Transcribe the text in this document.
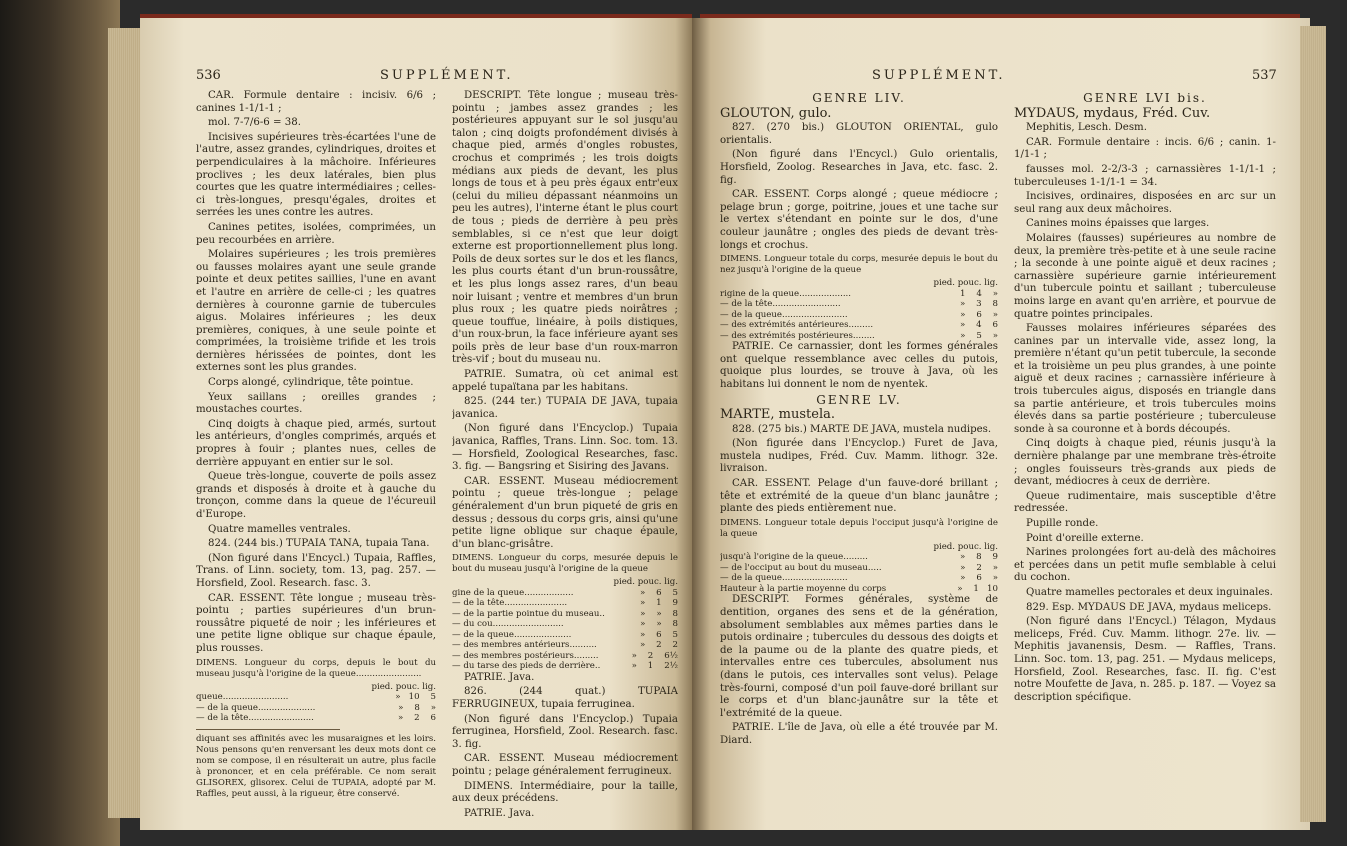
536	SUPPLÉMENT.

CAR. Formule dentaire : incisiv. 6/6 ; canines 1-1/1-1 ;

mol. 7-7/6-6 = 38.

Incisives supérieures très-écartées l'une de l'autre, assez grandes, cylindriques, droites et perpendiculaires à la mâchoire. Inférieures proclives ; les deux latérales, bien plus courtes que les quatre intermédiaires ; celles-ci très-longues, presqu'égales, droites et serrées les unes contre les autres.

Canines petites, isolées, comprimées, un peu recourbées en arrière.

Molaires supérieures ; les trois premières ou fausses molaires ayant une seule grande pointe et deux petites saillies, l'une en avant et l'autre en arrière de celle-ci ; les quatres dernières à couronne garnie de tubercules aigus. Molaires inférieures ; les deux premières, coniques, à une seule pointe et comprimées, la troisième trifide et les trois dernières hérissées de pointes, dont les externes sont les plus grandes.

Corps alongé, cylindrique, tête pointue.

Yeux saillans ; oreilles grandes ; moustaches courtes.

Cinq doigts à chaque pied, armés, surtout les antérieurs, d'ongles comprimés, arqués et propres à fouir ; plantes nues, celles de derrière appuyant en entier sur le sol.

Queue très-longue, couverte de poils assez grands et disposés à droite et à gauche du tronçon, comme dans la queue de l'écureuil d'Europe.

Quatre mamelles ventrales.

824. (244 bis.) TUPAIA TANA, tupaia Tana.

(Non figuré dans l'Encycl.) Tupaia, Raffles, Trans. of Linn. society, tom. 13, pag. 257. — Horsfield, Zool. Research. fasc. 3.

CAR. ESSENT. Tête longue ; museau très-pointu ; parties supérieures d'un brun-roussâtre piqueté de noir ; les inférieures et une petite ligne oblique sur chaque épaule, plus rousses.

DIMENS. Longueur du corps, depuis le bout du museau jusqu'à l'origine de la queue........................

pied. pouc. lig.
queue........................	»   10    5
— de la queue.....................	»    8    »
— de la tête........................	»    2    6

diquant ses affinités avec les musaraignes et les loirs. Nous pensons qu'en renversant les deux mots dont ce nom se compose, il en résulterait un autre, plus facile à prononcer, et en cela préférable. Ce nom serait GLISOREX, glisorex. Celui de TUPAIA, adopté par M. Raffles, peut aussi, à la rigueur, être conservé.

DESCRIPT. Tête longue ; museau très-pointu ; jambes assez grandes ; les postérieures appuyant sur le sol jusqu'au talon ; cinq doigts profondément divisés à chaque pied, armés d'ongles robustes, crochus et comprimés ; les trois doigts médians aux pieds de devant, les plus longs de tous et à peu près égaux entr'eux (celui du milieu dépassant néanmoins un peu les autres), l'interne étant le plus court de tous ; pieds de derrière à peu près semblables, si ce n'est que leur doigt externe est proportionnellement plus long. Poils de deux sortes sur le dos et les flancs, les plus courts étant d'un brun-roussâtre, et les plus longs assez rares, d'un beau noir luisant ; ventre et membres d'un brun plus roux ; les quatre pieds noirâtres ; queue touffue, linéaire, à poils distiques, d'un roux-brun, la face inférieure ayant ses poils près de leur base d'un roux-marron très-vif ; bout du museau nu.

PATRIE. Sumatra, où cet animal est appelé tupaïtana par les habitans.

825. (244 ter.) TUPAIA DE JAVA, tupaia javanica.

(Non figuré dans l'Encyclop.) Tupaia javanica, Raffles, Trans. Linn. Soc. tom. 13. — Horsfield, Zoological Researches, fasc. 3. fig. — Bangsring et Sisiring des Javans.

CAR. ESSENT. Museau médiocrement pointu ; queue très-longue ; pelage généralement d'un brun piqueté de gris en dessus ; dessous du corps gris, ainsi qu'une petite ligne oblique sur chaque épaule, d'un blanc-grisâtre.

DIMENS. Longueur du corps, mesurée depuis le bout du museau jusqu'à l'origine de la queue

pied. pouc. lig.
gine de la queue..................	»    6    5
— de la tête.......................	»    1    9
— de la partie pointue du museau..	»    »    8
— du cou..........................	»    »    8
— de la queue.....................	»    6    5
— des membres antérieurs..........	»    2    2
— des membres postérieurs.........	»    2    6½
— du tarse des pieds de derrière..	»    1    2½

PATRIE. Java.

826. (244 quat.) TUPAIA FERRUGINEUX, tupaia ferruginea.

(Non figuré dans l'Encyclop.) Tupaia ferruginea, Horsfield, Zool. Research. fasc. 3. fig.

CAR. ESSENT. Museau médiocrement pointu ; pelage généralement ferrugineux.

DIMENS. Intermédiaire, pour la taille, aux deux précédens.

PATRIE. Java.

SUPPLÉMENT.	537

GENRE LIV.

GLOUTON, gulo.

827. (270 bis.) GLOUTON ORIENTAL, gulo orientalis.

(Non figuré dans l'Encycl.) Gulo orientalis, Horsfield, Zoolog. Researches in Java, etc. fasc. 2. fig.

CAR. ESSENT. Corps alongé ; queue médiocre ; pelage brun ; gorge, poitrine, joues et une tache sur le vertex s'étendant en pointe sur le dos, d'une couleur jaunâtre ; ongles des pieds de devant très-longs et crochus.

DIMENS. Longueur totale du corps, mesurée depuis le bout du nez jusqu'à l'origine de la queue

pied. pouc. lig.
rigine de la queue...................	1    4    »
— de la tête.........................	»    3    8
— de la queue........................	»    6    »
— des extrémités antérieures.........	»    4    6
— des extrémités postérieures........	»    5    »

PATRIE. Ce carnassier, dont les formes générales ont quelque ressemblance avec celles du putois, quoique plus lourdes, se trouve à Java, où les habitans lui donnent le nom de nyentek.

GENRE LV.

MARTE, mustela.

828. (275 bis.) MARTE DE JAVA, mustela nudipes.

(Non figurée dans l'Encyclop.) Furet de Java, mustela nudipes, Fréd. Cuv. Mamm. lithogr. 32e. livraison.

CAR. ESSENT. Pelage d'un fauve-doré brillant ; tête et extrémité de la queue d'un blanc jaunâtre ; plante des pieds entièrement nue.

DIMENS. Longueur totale depuis l'occiput jusqu'à l'origine de la queue

pied. pouc. lig.
jusqu'à l'origine de la queue.........	»    8    9
— de l'occiput au bout du museau.....	»    2    »
— de la queue........................	»    6    »
Hauteur à la partie moyenne du corps	»    1   10

DESCRIPT. Formes générales, système de dentition, organes des sens et de la génération, absolument semblables aux mêmes parties dans le putois ordinaire ; tubercules du dessous des doigts et de la paume ou de la plante des quatre pieds, et intervalles entre ces tubercules, absolument nus (dans le putois, ces intervalles sont velus). Pelage très-fourni, composé d'un poil fauve-doré brillant sur le corps et d'un blanc-jaunâtre sur la tête et l'extrémité de la queue.

PATRIE. L'île de Java, où elle a été trouvée par M. Diard.

GENRE LVI bis.

MYDAUS, mydaus, Fréd. Cuv.

Mephitis, Lesch. Desm.

CAR. Formule dentaire : incis. 6/6 ; canin. 1-1/1-1 ;

fausses mol. 2-2/3-3 ; carnassières 1-1/1-1 ; tuberculeuses 1-1/1-1 = 34.

Incisives, ordinaires, disposées en arc sur un seul rang aux deux mâchoires.

Canines moins épaisses que larges.

Molaires (fausses) supérieures au nombre de deux, la première très-petite et à une seule racine ; la seconde à une pointe aiguë et deux racines ; carnassière supérieure garnie intérieurement d'un tubercule pointu et saillant ; tuberculeuse moins large en avant qu'en arrière, et pourvue de quatre pointes principales.

Fausses molaires inférieures séparées des canines par un intervalle vide, assez long, la première n'étant qu'un petit tubercule, la seconde et la troisième un peu plus grandes, à une pointe aiguë et deux racines ; carnassière inférieure à trois tubercules aigus, disposés en triangle dans sa partie antérieure, et trois tubercules moins élevés dans sa partie postérieure ; tuberculeuse sonde à sa couronne et à bords découpés.

Cinq doigts à chaque pied, réunis jusqu'à la dernière phalange par une membrane très-étroite ; ongles fouisseurs très-grands aux pieds de devant, médiocres à ceux de derrière.

Queue rudimentaire, mais susceptible d'être redressée.

Pupille ronde.

Point d'oreille externe.

Narines prolongées fort au-delà des mâchoires et percées dans un petit mufle semblable à celui du cochon.

Quatre mamelles pectorales et deux inguinales.

829. Esp. MYDAUS DE JAVA, mydaus meliceps.

(Non figuré dans l'Encycl.) Télagon, Mydaus meliceps, Fréd. Cuv. Mamm. lithogr. 27e. liv. — Mephitis javanensis, Desm. — Raffles, Trans. Linn. Soc. tom. 13, pag. 251. — Mydaus meliceps, Horsfield, Zool. Researches, fasc. II. fig. C'est notre Moufette de Java, n. 285. p. 187. — Voyez sa description spécifique.
